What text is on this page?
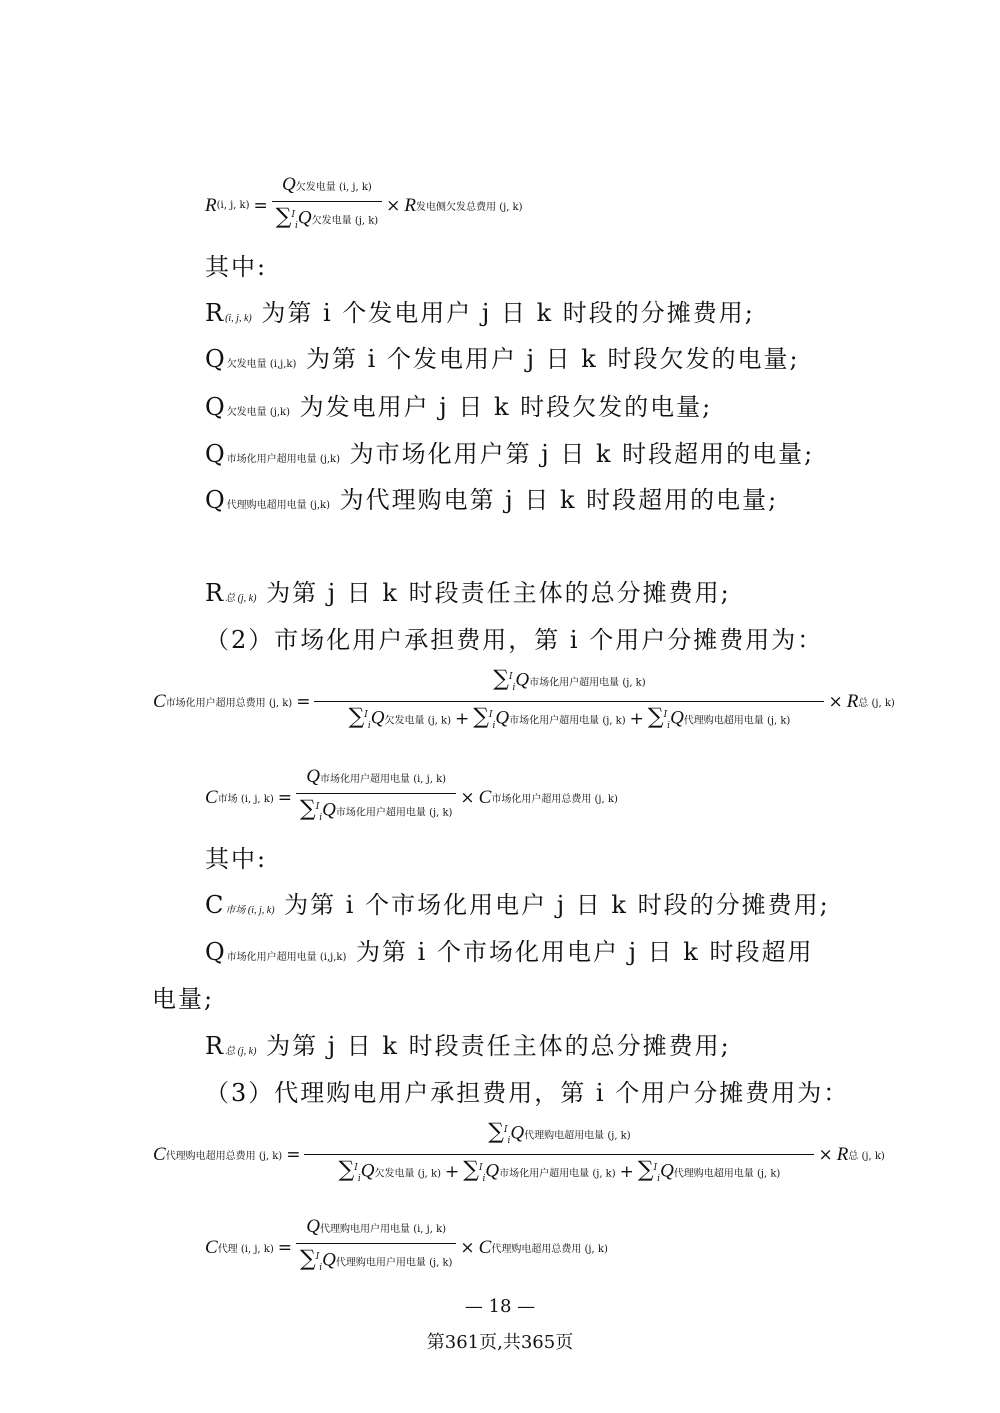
R (i, j, $k) = \frac{\text{Q欠发电量 (i, j, k)}}{\sum^I_iQ欠发电量 (j, k)} \times R$ 发电侧欠发总费用 (j, k)
其中:
R(i, j, k) 为第 i 个发电用户 j 日 k 时段的分摊费用;
Q欠发电量 (i,j,k) 为第 i 个发电用户 j 日 k 时段欠发的电量;
Q欠发电量 (j,k) 为发电用户 j 日 k 时段欠发的电量;
Q市场化用户超用电量 (j,k) 为市场化用户第 j 日 k 时段超用的电量;
Q代理购电超用电量 (j,k) 为代理购电第 j 日 k 时段超用的电量;
R总 (j, k) 为第 j 日 k 时段责任主体的总分摊费用;
（2）市场化用户承担费用，第 i 个用户分摊费用为：
C 市场化用户超用总费用 (j, $k) = \frac{\sum^I_iQ市场化用户超用电量 (j, k)}{\sum^I_iQ欠发电量 (j, k) + \sum^I_iQ市场化用户超用电量 (j, k) + \sum^I_iQ代理购电超用电量 (j, k)} \times R$ 总 (j, k)
C 市场 (i, j, $k) = \frac{\text{Q市场化用户超用电量 (i, j, k)}}{\sum^I_iQ市场化用户超用电量 (j, k)} \times C$ 市场化用户超用总费用 (j, k)
其中:
C市场 (i, j, k) 为第 i 个市场化用电户 j 日 k 时段的分摊费用;
Q市场化用户超用电量 (i,j,k) 为第 i 个市场化用电户 j 日 k 时段超用
电量;
R总 (j, k) 为第 j 日 k 时段责任主体的总分摊费用;
（3）代理购电用户承担费用，第 i 个用户分摊费用为：
C 代理购电超用总费用 (j, $k) = \frac{\sum^I_iQ代理购电超用电量 (j, k)}{\sum^I_iQ欠发电量 (j, k) + \sum^I_iQ市场化用户超用电量 (j, k) + \sum^I_iQ代理购电超用电量 (j, k)} \times R$ 总 (j, k)
C 代理 (i, j, $k) = \frac{\text{Q代理购电用户用电量 (i, j, k)}}{\sum^I_iQ代理购电用户用电量 (j, k)} \times C$ 代理购电超用总费用 (j, k)
— 18 —
第361页,共365页
